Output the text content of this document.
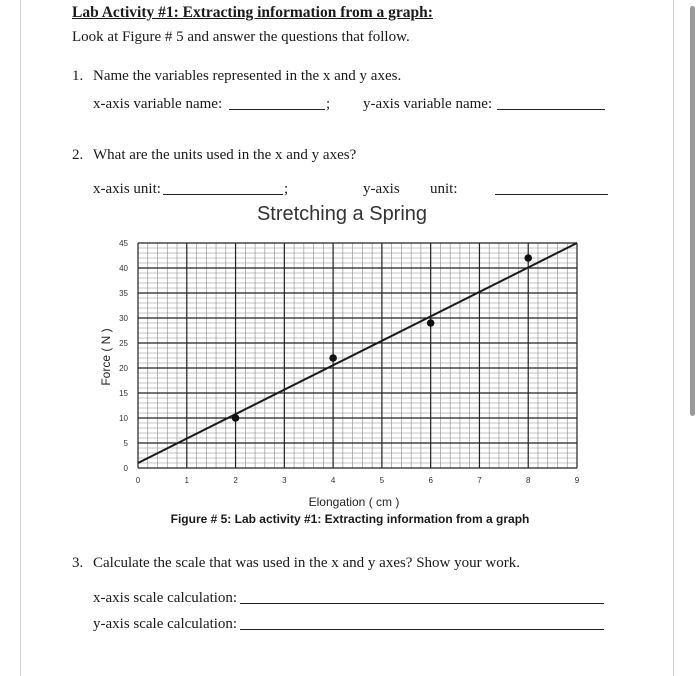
Lab Activity #1: Extracting information from a graph:
Look at Figure # 5 and answer the questions that follow.
1. Name the variables represented in the x and y axes.
x-axis variable name:	; y-axis variable name:
2. What are the units used in the x and y axes?
x-axis unit:	;	y-axis unit:
Stretching a Spring
0	1	2	3	4	5	6	7	8	9
0
5
10
15
20
25
30
35
40
45
Elongation ( cm )
Force ( N )
Figure # 5: Lab activity #1: Extracting information from a graph
3. Calculate the scale that was used in the x and y axes? Show your work.
x-axis scale calculation:
y-axis scale calculation:
